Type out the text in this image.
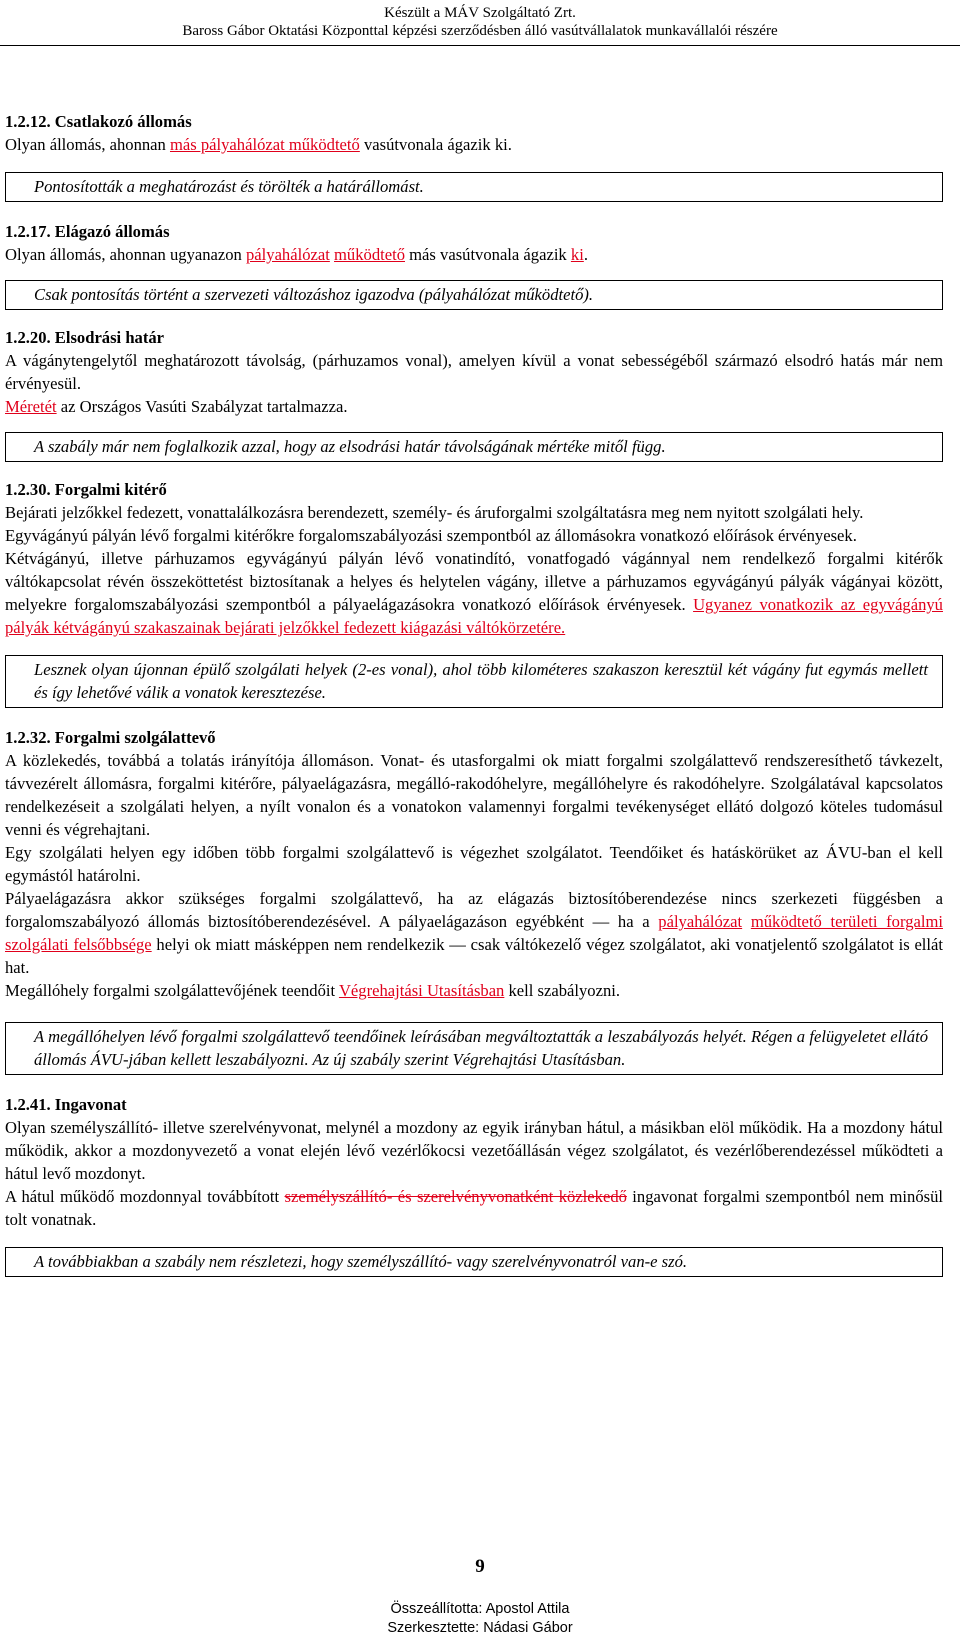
Készült a MÁV Szolgáltató Zrt.
Baross Gábor Oktatási Központtal képzési szerződésben álló vasútvállalatok munkavállalói részére
1.2.12. Csatlakozó állomás

Olyan állomás, ahonnan más pályahálózat működtető vasútvonala ágazik ki.

Pontosították a meghatározást és törölték a határállomást.
1.2.17. Elágazó állomás

Olyan állomás, ahonnan ugyanazon pályahálózat működtető más vasútvonala ágazik ki.

Csak pontosítás történt a szervezeti változáshoz igazodva (pályahálózat működtető).
1.2.20. Elsodrási határ

A vágánytengelytől meghatározott távolság, (párhuzamos vonal), amelyen kívül a vonat sebességéből származó elsodró hatás már nem érvényesül.

Méretét az Országos Vasúti Szabályzat tartalmazza.

A szabály már nem foglalkozik azzal, hogy az elsodrási határ távolságának mértéke mitől függ.
1.2.30. Forgalmi kitérő

Bejárati jelzőkkel fedezett, vonattalálkozásra berendezett, személy- és áruforgalmi szolgáltatásra meg nem nyitott szolgálati hely.

Egyvágányú pályán lévő forgalmi kitérőkre forgalomszabályozási szempontból az állomásokra vonatkozó előírások érvényesek.

Kétvágányú, illetve párhuzamos egyvágányú pályán lévő vonatindító, vonatfogadó vágánnyal nem rendelkező forgalmi kitérők váltókapcsolat révén összeköttetést biztosítanak a helyes és helytelen vágány, illetve a párhuzamos egyvágányú pályák vágányai között, melyekre forgalomszabályozási szempontból a pályaelágazásokra vonatkozó előírások érvényesek. Ugyanez vonatkozik az egyvágányú pályák kétvágányú szakaszainak bejárati jelzőkkel fedezett kiágazási váltókörzetére.

Lesznek olyan újonnan épülő szolgálati helyek (2-es vonal), ahol több kilométeres szakaszon keresztül két vágány fut egymás mellett és így lehetővé válik a vonatok keresztezése.
1.2.32. Forgalmi szolgálattevő

A közlekedés, továbbá a tolatás irányítója állomáson. Vonat- és utasforgalmi ok miatt forgalmi szolgálattevő rendszeresíthető távkezelt, távvezérelt állomásra, forgalmi kitérőre, pályaelágazásra, megálló-rakodóhelyre, megállóhelyre és rakodóhelyre. Szolgálatával kapcsolatos rendelkezéseit a szolgálati helyen, a nyílt vonalon és a vonatokon valamennyi forgalmi tevékenységet ellátó dolgozó köteles tudomásul venni és végrehajtani.

Egy szolgálati helyen egy időben több forgalmi szolgálattevő is végezhet szolgálatot. Teendőiket és hatáskörüket az ÁVU-ban el kell egymástól határolni.

Pályaelágazásra akkor szükséges forgalmi szolgálattevő, ha az elágazás biztosítóberendezése nincs szerkezeti függésben a forgalomszabályozó állomás biztosítóberendezésével. A pályaelágazáson egyébként — ha a pályahálózat működtető területi forgalmi szolgálati felsőbbsége helyi ok miatt másképpen nem rendelkezik — csak váltókezelő végez szolgálatot, aki vonatjelentő szolgálatot is ellát hat.

Megállóhely forgalmi szolgálattevőjének teendőit Végrehajtási Utasításban kell szabályozni.

A megállóhelyen lévő forgalmi szolgálattevő teendőinek leírásában megváltoztatták a leszabályozás helyét. Régen a felügyeletet ellátó állomás ÁVU-jában kellett leszabályozni. Az új szabály szerint Végrehajtási Utasításban.
1.2.41. Ingavonat

Olyan személyszállító- illetve szerelvényvonat, melynél a mozdony az egyik irányban hátul, a másikban elöl működik. Ha a mozdony hátul működik, akkor a mozdonyvezető a vonat elején lévő vezérlőkocsi vezetőállásán végez szolgálatot, és vezérlőberendezéssel működteti a hátul levő mozdonyt.

A hátul működő mozdonnyal továbbított személyszállító- és szerelvényvonatként közlekedő ingavonat forgalmi szempontból nem minősül tolt vonatnak.

A továbbiakban a szabály nem részletezi, hogy személyszállító- vagy szerelvényvonatról van-e szó.
9
Összeállította: Apostol Attila
Szerkesztette: Nádasi Gábor
